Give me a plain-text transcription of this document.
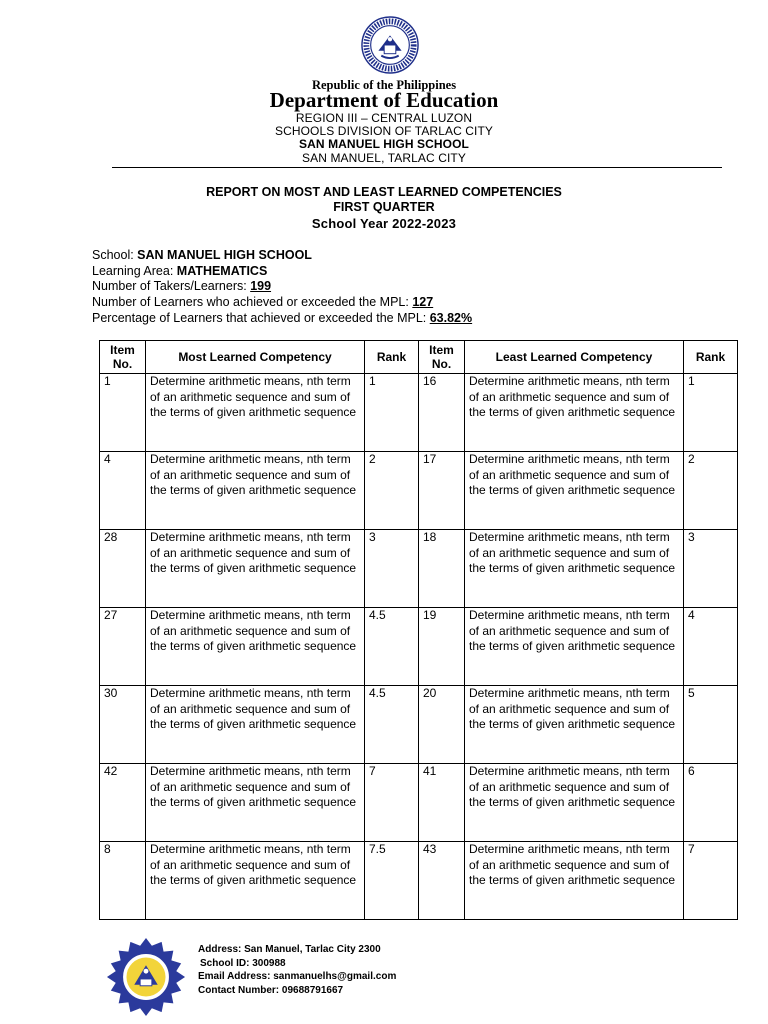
Republic of the Philippines
Department of Education
REGION III – CENTRAL LUZON
SCHOOLS DIVISION OF TARLAC CITY
SAN MANUEL HIGH SCHOOL
SAN MANUEL, TARLAC CITY
REPORT ON MOST AND LEAST LEARNED COMPETENCIES
FIRST QUARTER
School Year 2022-2023
School: SAN MANUEL HIGH SCHOOL
Learning Area: MATHEMATICS
Number of Takers/Learners: 199
Number of Learners who achieved or exceeded the MPL: 127
Percentage of Learners that achieved or exceeded the MPL: 63.82%
Item No.	Most Learned Competency	Rank	Item No.	Least Learned Competency	Rank
1	Determine arithmetic means, nth term of an arithmetic sequence and sum of the terms of given arithmetic sequence	1	16	Determine arithmetic means, nth term of an arithmetic sequence and sum of the terms of given arithmetic sequence	1
4	Determine arithmetic means, nth term of an arithmetic sequence and sum of the terms of given arithmetic sequence	2	17	Determine arithmetic means, nth term of an arithmetic sequence and sum of the terms of given arithmetic sequence	2
28	Determine arithmetic means, nth term of an arithmetic sequence and sum of the terms of given arithmetic sequence	3	18	Determine arithmetic means, nth term of an arithmetic sequence and sum of the terms of given arithmetic sequence	3
27	Determine arithmetic means, nth term of an arithmetic sequence and sum of the terms of given arithmetic sequence	4.5	19	Determine arithmetic means, nth term of an arithmetic sequence and sum of the terms of given arithmetic sequence	4
30	Determine arithmetic means, nth term of an arithmetic sequence and sum of the terms of given arithmetic sequence	4.5	20	Determine arithmetic means, nth term of an arithmetic sequence and sum of the terms of given arithmetic sequence	5
42	Determine arithmetic means, nth term of an arithmetic sequence and sum of the terms of given arithmetic sequence	7	41	Determine arithmetic means, nth term of an arithmetic sequence and sum of the terms of given arithmetic sequence	6
8	Determine arithmetic means, nth term of an arithmetic sequence and sum of the terms of given arithmetic sequence	7.5	43	Determine arithmetic means, nth term of an arithmetic sequence and sum of the terms of given arithmetic sequence	7
Address: San Manuel, Tarlac City 2300
School ID: 300988
Email Address: sanmanuelhs@gmail.com
Contact Number: 09688791667
